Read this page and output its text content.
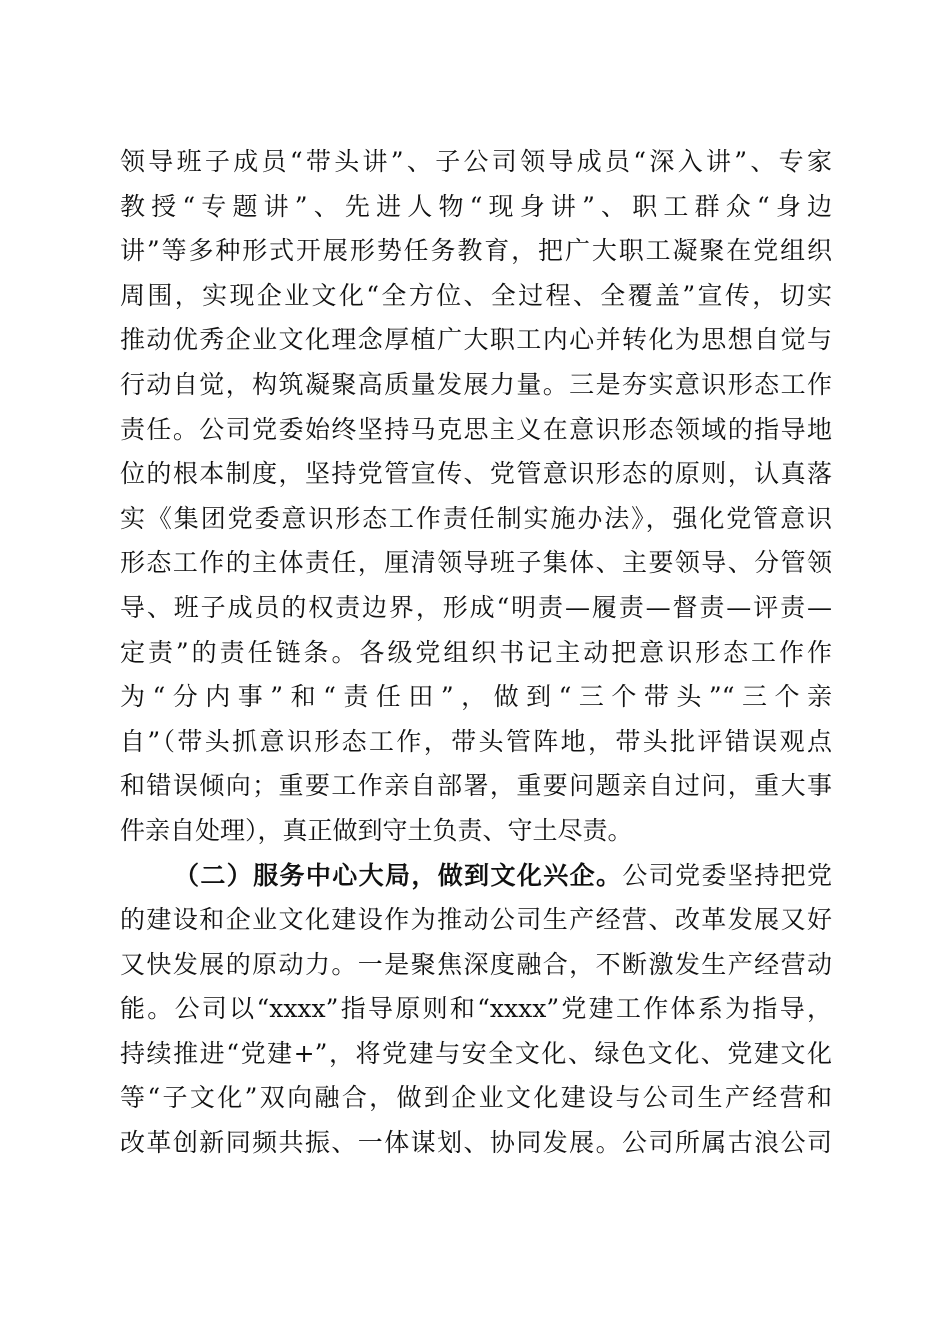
领导班子成员“带头讲”、子公司领导成员“深入讲”、专家
教授“专题讲”、先进人物“现身讲”、职工群众“身边
讲”等多种形式开展形势任务教育，把广大职工凝聚在党组织
周围，实现企业文化“全方位、全过程、全覆盖”宣传，切实
推动优秀企业文化理念厚植广大职工内心并转化为思想自觉与
行动自觉，构筑凝聚高质量发展力量。三是夯实意识形态工作
责任。公司党委始终坚持马克思主义在意识形态领域的指导地
位的根本制度，坚持党管宣传、党管意识形态的原则，认真落
实《集团党委意识形态工作责任制实施办法》，强化党管意识
形态工作的主体责任，厘清领导班子集体、主要领导、分管领
导、班子成员的权责边界，形成“明责—履责—督责—评责—
定责”的责任链条。各级党组织书记主动把意识形态工作作
为“分内事”和“责任田”，做到“三个带头”“三个亲
自”（带头抓意识形态工作，带头管阵地，带头批评错误观点
和错误倾向；重要工作亲自部署，重要问题亲自过问，重大事
件亲自处理），真正做到守土负责、守土尽责。
（二）服务中心大局，做到文化兴企。公司党委坚持把党
的建设和企业文化建设作为推动公司生产经营、改革发展又好
又快发展的原动力。一是聚焦深度融合，不断激发生产经营动
能。公司以“xxxx”指导原则和“xxxx”党建工作体系为指导，
持续推进“党建+”，将党建与安全文化、绿色文化、党建文化
等“子文化”双向融合，做到企业文化建设与公司生产经营和
改革创新同频共振、一体谋划、协同发展。公司所属古浪公司
